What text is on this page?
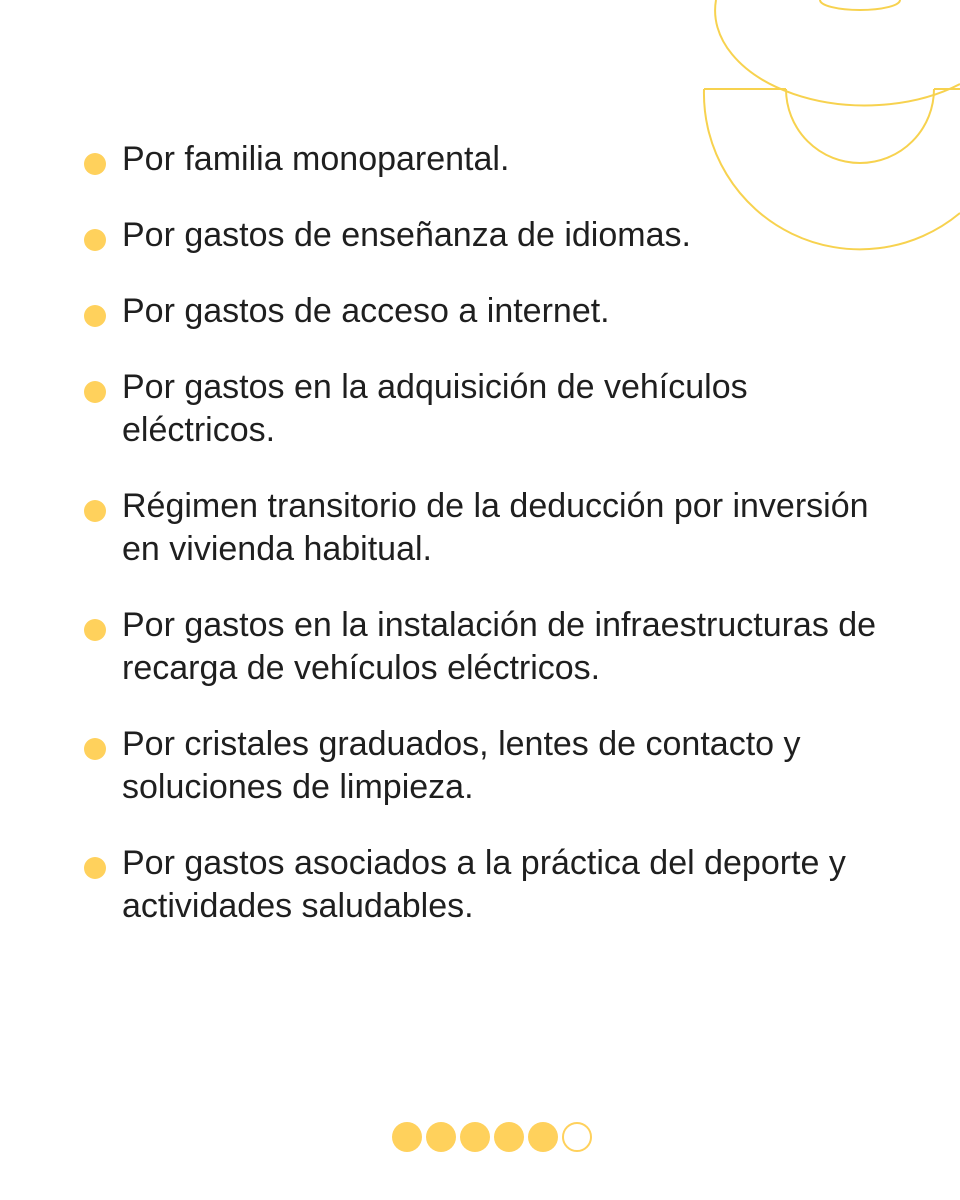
Por familia monoparental.
Por gastos de enseñanza de idiomas.
Por gastos de acceso a internet.
Por gastos en la adquisición de vehículos eléctricos.
Régimen transitorio de la deducción por inversión en vivienda habitual.
Por gastos en la instalación de infraestructuras de recarga de vehículos eléctricos.
Por cristales graduados, lentes de contacto y soluciones de limpieza.
Por gastos asociados a la práctica del deporte y actividades saludables.
